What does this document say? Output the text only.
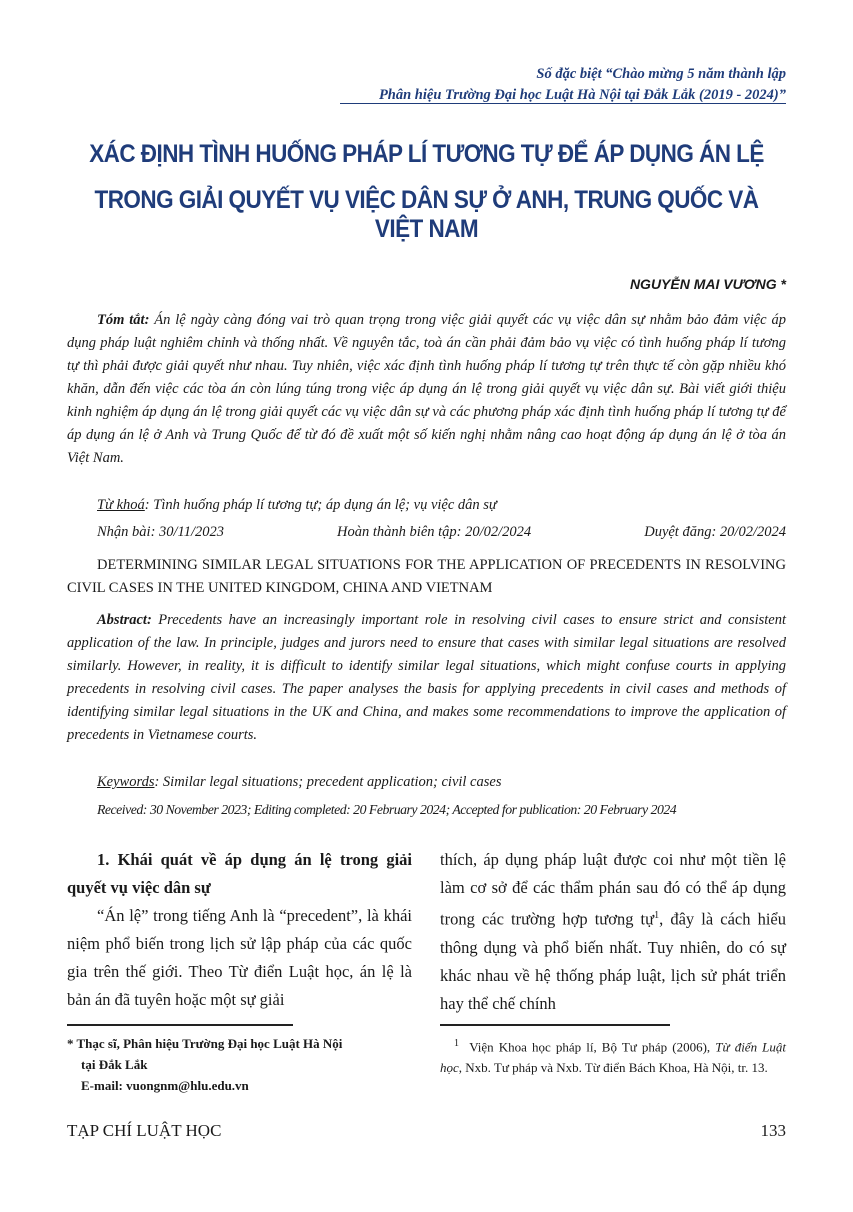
Số đặc biệt “Chào mừng 5 năm thành lập
Phân hiệu Trường Đại học Luật Hà Nội tại Đắk Lắk (2019 - 2024)”
XÁC ĐỊNH TÌNH HUỐNG PHÁP LÍ TƯƠNG TỰ ĐỂ ÁP DỤNG ÁN LỆ
TRONG GIẢI QUYẾT VỤ VIỆC DÂN SỰ Ở ANH, TRUNG QUỐC VÀ VIỆT NAM
NGUYỄN MAI VƯƠNG *
Tóm tắt: Án lệ ngày càng đóng vai trò quan trọng trong việc giải quyết các vụ việc dân sự nhằm bảo đảm việc áp dụng pháp luật nghiêm chỉnh và thống nhất. Về nguyên tắc, toà án cần phải đảm bảo vụ việc có tình huống pháp lí tương tự thì phải được giải quyết như nhau. Tuy nhiên, việc xác định tình huống pháp lí tương tự trên thực tế còn gặp nhiều khó khăn, dẫn đến việc các tòa án còn lúng túng trong việc áp dụng án lệ trong giải quyết vụ việc dân sự. Bài viết giới thiệu kinh nghiệm áp dụng án lệ trong giải quyết các vụ việc dân sự và các phương pháp xác định tình huống pháp lí tương tự để áp dụng án lệ ở Anh và Trung Quốc để từ đó đề xuất một số kiến nghị nhằm nâng cao hoạt động áp dụng án lệ ở tòa án Việt Nam.
Từ khoá: Tình huống pháp lí tương tự; áp dụng án lệ; vụ việc dân sự
Nhận bài: 30/11/2023	Hoàn thành biên tập: 20/02/2024	Duyệt đăng: 20/02/2024
DETERMINING SIMILAR LEGAL SITUATIONS FOR THE APPLICATION OF PRECEDENTS IN RESOLVING CIVIL CASES IN THE UNITED KINGDOM, CHINA AND VIETNAM
Abstract: Precedents have an increasingly important role in resolving civil cases to ensure strict and consistent application of the law. In principle, judges and jurors need to ensure that cases with similar legal situations are resolved similarly. However, in reality, it is difficult to identify similar legal situations, which might confuse courts in applying precedents in resolving civil cases. The paper analyses the basis for applying precedents in civil cases and methods of identifying similar legal situations in the UK and China, and makes some recommendations to improve the application of precedents in Vietnamese courts.
Keywords: Similar legal situations; precedent application; civil cases
Received: 30 November 2023; Editing completed: 20 February 2024; Accepted for publication: 20 February 2024
1. Khái quát về áp dụng án lệ trong giải quyết vụ việc dân sự
“Án lệ” trong tiếng Anh là “precedent”, là khái niệm phổ biến trong lịch sử lập pháp của các quốc gia trên thế giới. Theo Từ điển Luật học, án lệ là bản án đã tuyên hoặc một sự giải
thích, áp dụng pháp luật được coi như một tiền lệ làm cơ sở để các thẩm phán sau đó có thể áp dụng trong các trường hợp tương tự$^1$, đây là cách hiểu thông dụng và phổ biến nhất. Tuy nhiên, do có sự khác nhau về hệ thống pháp luật, lịch sử phát triển hay thể chế chính
* Thạc sĩ, Phân hiệu Trường Đại học Luật Hà Nội
tại Đắk Lắk
E-mail: vuongnm@hlu.edu.vn
$^1$ Viện Khoa học pháp lí, Bộ Tư pháp (2006), Từ điển Luật học, Nxb. Tư pháp và Nxb. Từ điển Bách Khoa, Hà Nội, tr. 13.
TẠP CHÍ LUẬT HỌC	133
